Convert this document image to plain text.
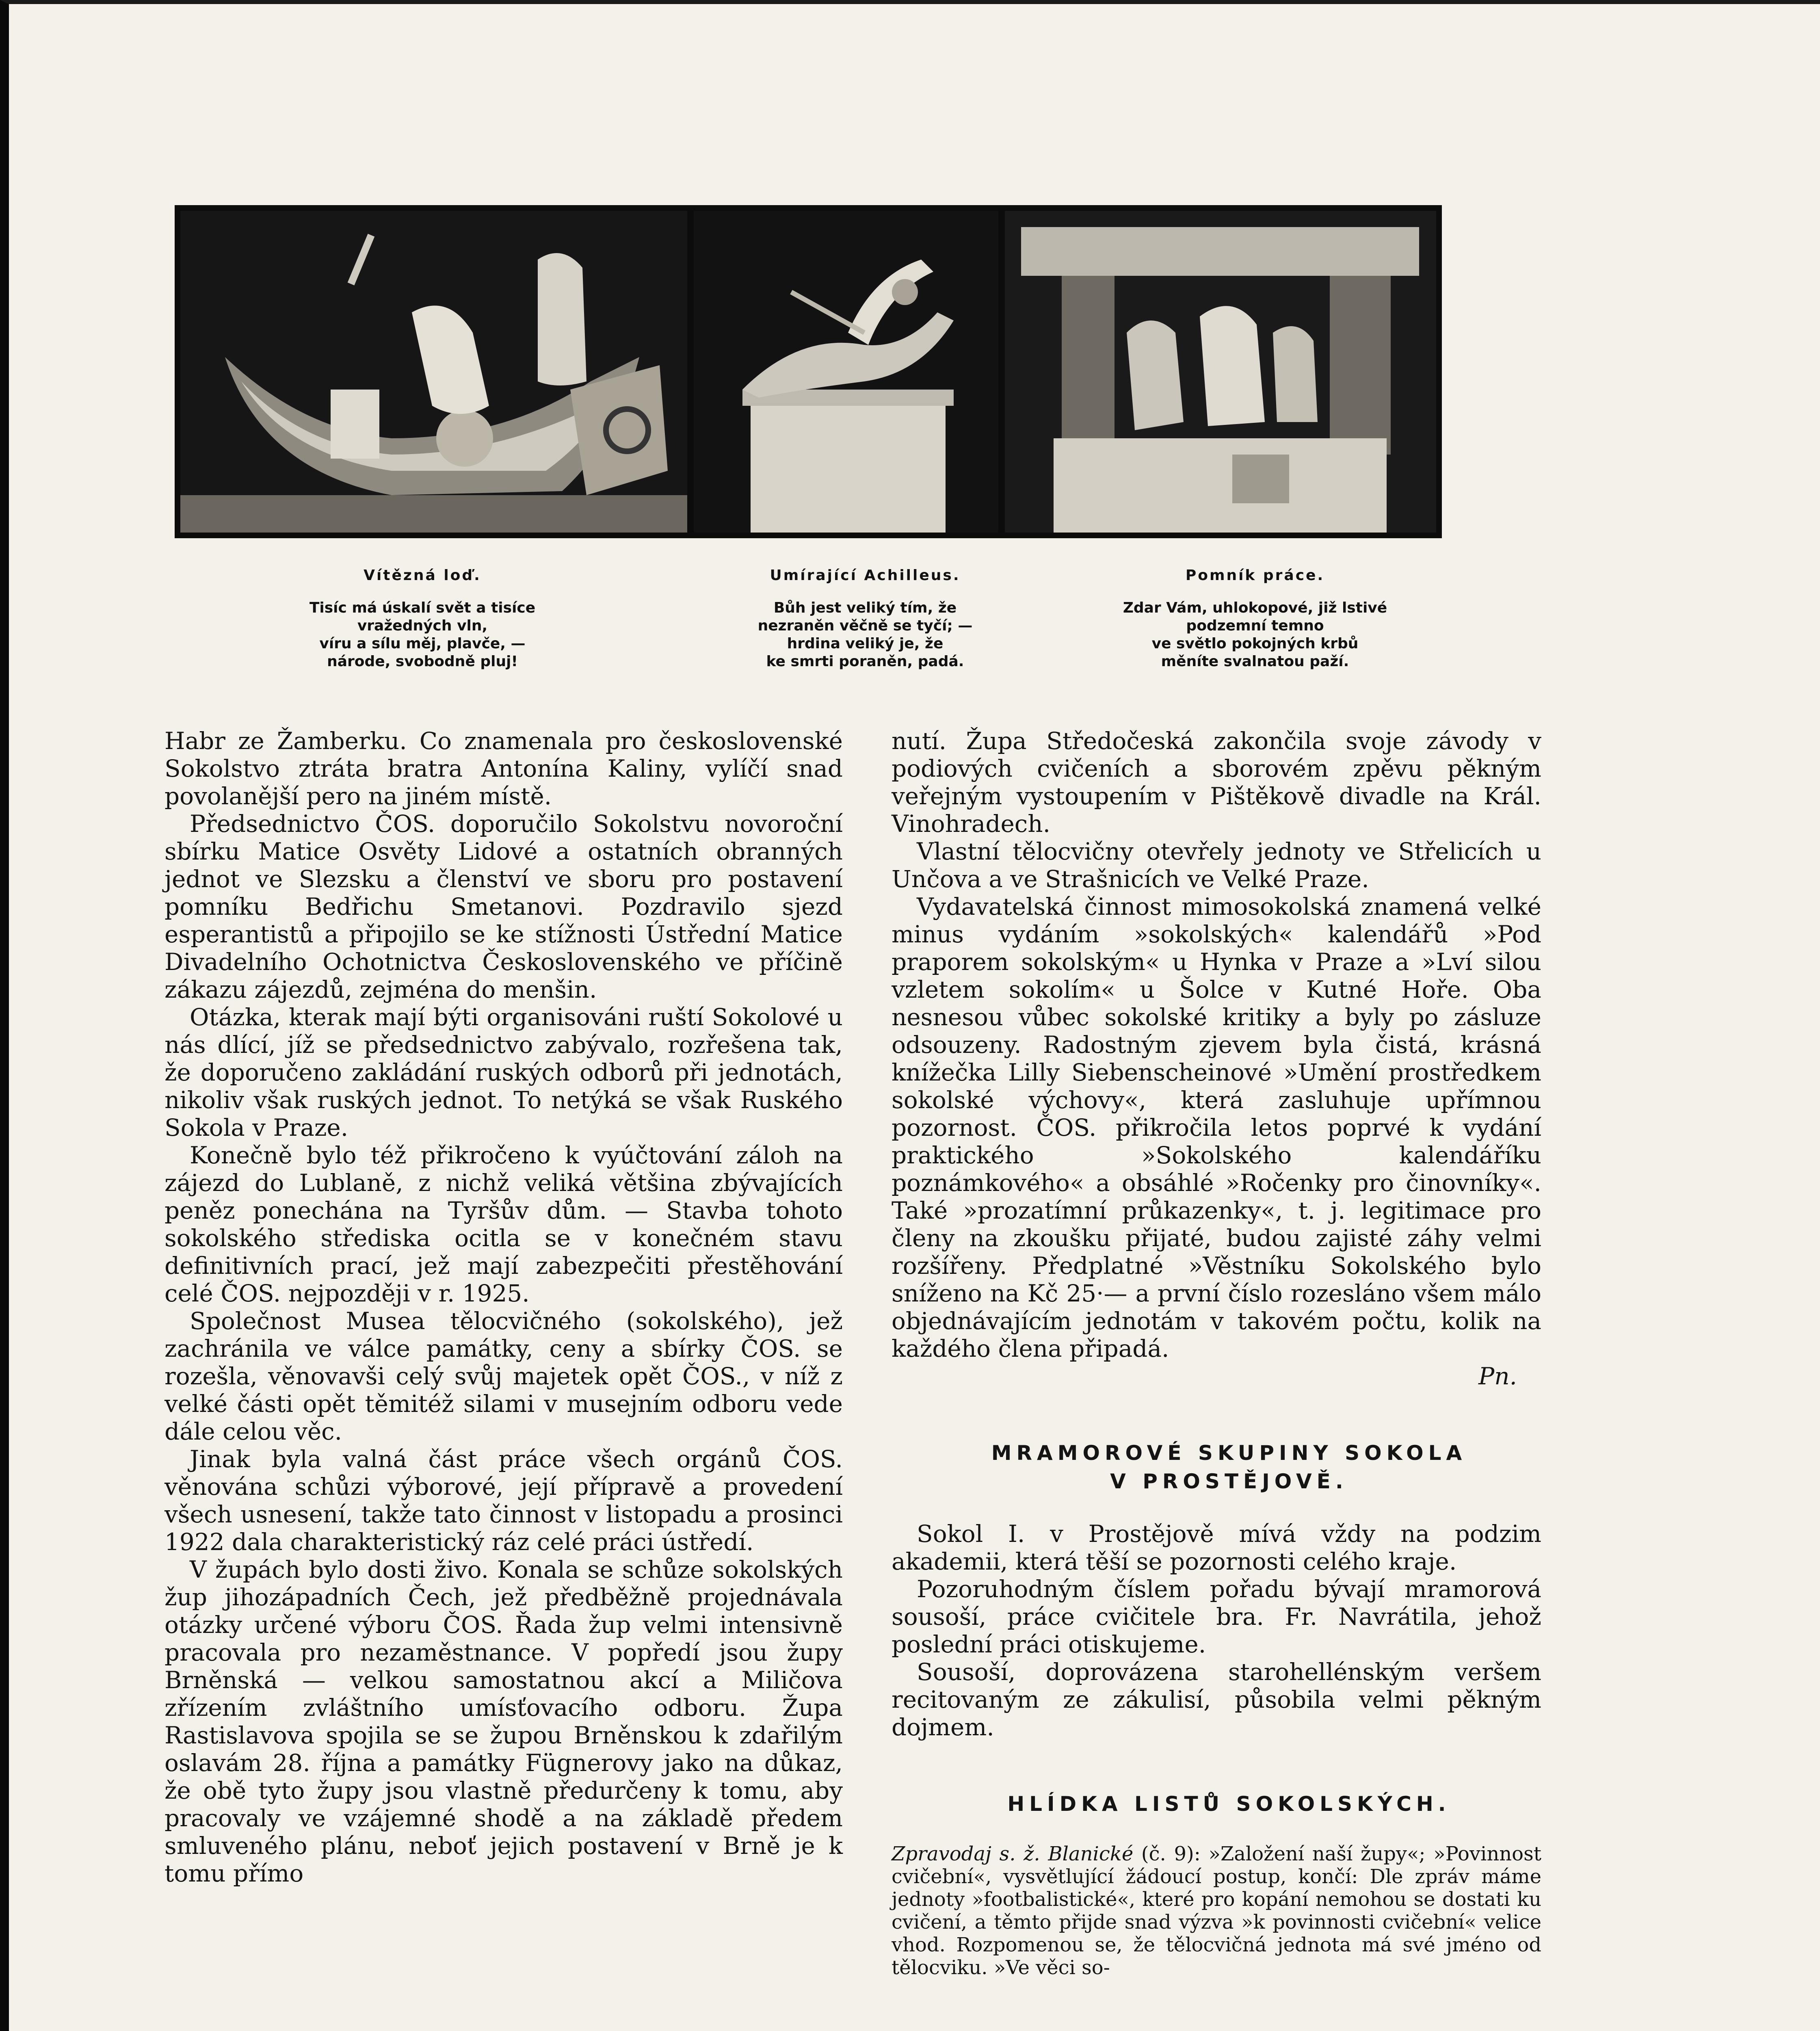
Vítězná loď.
Tisíc má úskalí svět a tisíce
vražedných vln,
víru a sílu měj, plavče, —
národe, svobodně pluj!
Umírající Achilleus.
Bůh jest veliký tím, že
nezraněn věčně se tyčí; —
hrdina veliký je, že
ke smrti poraněn, padá.
Pomník práce.
Zdar Vám, uhlokopové, již lstivé
podzemní temno
ve světlo pokojných krbů
měníte svalnatou paží.

Habr ze Žamberku. Co znamenala pro československé Sokolstvo ztráta bratra Antonína Kaliny, vylíčí snad povolanější pero na jiném místě.

Předsednictvo ČOS. doporučilo Sokolstvu novoroční sbírku Matice Osvěty Lidové a ostatních obranných jednot ve Slezsku a členství ve sboru pro postavení pomníku Bedřichu Smetanovi. Pozdravilo sjezd esperantistů a připojilo se ke stížnosti Ústřední Matice Divadelního Ochotnictva Československého ve příčině zákazu zájezdů, zejména do menšin.

Otázka, kterak mají býti organisováni ruští Sokolové u nás dlící, jíž se předsednictvo zabývalo, rozřešena tak, že doporučeno zakládání ruských odborů při jednotách, nikoliv však ruských jednot. To netýká se však Ruského Sokola v Praze.

Konečně bylo též přikročeno k vyúčtování záloh na zájezd do Lublaně, z nichž veliká většina zbývajících peněz ponechána na Tyršův dům. — Stavba tohoto sokolského střediska ocitla se v konečném stavu definitivních prací, jež mají zabezpečiti přestěhování celé ČOS. nejpozději v r. 1925.

Společnost Musea tělocvičného (sokolského), jež zachránila ve válce památky, ceny a sbírky ČOS. se rozešla, věnovavši celý svůj majetek opět ČOS., v níž z velké části opět těmitéž silami v musejním odboru vede dále celou věc.

Jinak byla valná část práce všech orgánů ČOS. věnována schůzi výborové, její přípravě a provedení všech usnesení, takže tato činnost v listopadu a prosinci 1922 dala charakteristický ráz celé práci ústředí.

V župách bylo dosti živo. Konala se schůze sokolských žup jihozápadních Čech, jež předběžně projednávala otázky určené výboru ČOS. Řada žup velmi intensivně pracovala pro nezaměstnance. V popředí jsou župy Brněnská — velkou samostatnou akcí a Miličova zřízením zvláštního umísťovacího odboru. Župa Rastislavova spojila se se župou Brněnskou k zdařilým oslavám 28. října a památky Fügnerovy jako na důkaz, že obě tyto župy jsou vlastně předurčeny k tomu, aby pracovaly ve vzájemné shodě a na základě předem smluveného plánu, neboť jejich postavení v Brně je k tomu přímo

nutí. Župa Středočeská zakončila svoje závody v podiových cvičeních a sborovém zpěvu pěkným veřejným vystoupením v Pištěkově divadle na Král. Vinohradech.

Vlastní tělocvičny otevřely jednoty ve Střelicích u Unčova a ve Strašnicích ve Velké Praze.

Vydavatelská činnost mimosokolská znamená velké minus vydáním »sokolských« kalendářů »Pod praporem sokolským« u Hynka v Praze a »Lví silou vzletem sokolím« u Šolce v Kutné Hoře. Oba nesnesou vůbec sokolské kritiky a byly po zásluze odsouzeny. Radostným zjevem byla čistá, krásná knížečka Lilly Siebenscheinové »Umění prostředkem sokolské výchovy«, která zasluhuje upřímnou pozornost. ČOS. přikročila letos poprvé k vydání praktického »Sokolského kalendáříku poznámkového« a obsáhlé »Ročenky pro činovníky«. Také »prozatímní průkazenky«, t. j. legitimace pro členy na zkoušku přijaté, budou zajisté záhy velmi rozšířeny. Předplatné »Věstníku Sokolského bylo sníženo na Kč 25·— a první číslo rozesláno všem málo objednávajícím jednotám v takovém počtu, kolik na každého člena připadá.

Pn.

MRAMOROVÉ SKUPINY SOKOLA

V PROSTĚJOVĚ.

Sokol I. v Prostějově mívá vždy na podzim akademii, která těší se pozornosti celého kraje.

Pozoruhodným číslem pořadu bývají mramorová sousoší, práce cvičitele bra. Fr. Navrátila, jehož poslední práci otiskujeme.

Sousoší, doprovázena starohellénským veršem recitovaným ze zákulisí, působila velmi pěkným dojmem.

HLÍDKA LISTŮ SOKOLSKÝCH.

Zpravodaj s. ž. Blanické (č. 9): »Založení naší župy«; »Povinnost cvičební«, vysvětlující žádoucí postup, končí: Dle zpráv máme jednoty »footbalistické«, které pro kopání nemohou se dostati ku cvičení, a těmto přijde snad výzva »k povinnosti cvičební« velice vhod. Rozpomenou se, že tělocvičná jednota má své jméno od tělocviku. »Ve věci so-
